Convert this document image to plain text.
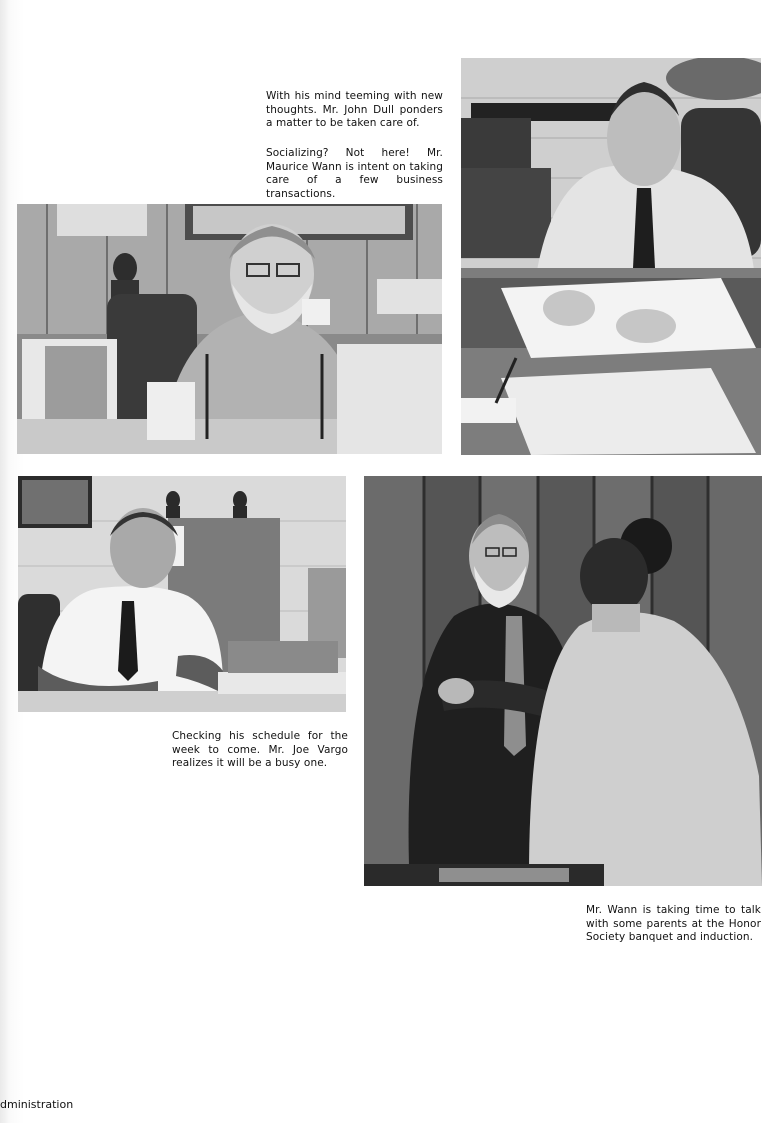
With his mind teeming with new thoughts. Mr. John Dull ponders a matter to be taken care of.

Socializing? Not here! Mr. Maurice Wann is intent on taking care of a few business transactions.

Checking his schedule for the week to come. Mr. Joe Vargo realizes it will be a busy one.

Mr. Wann is taking time to talk with some parents at the Honor Society banquet and induction.

dministration
